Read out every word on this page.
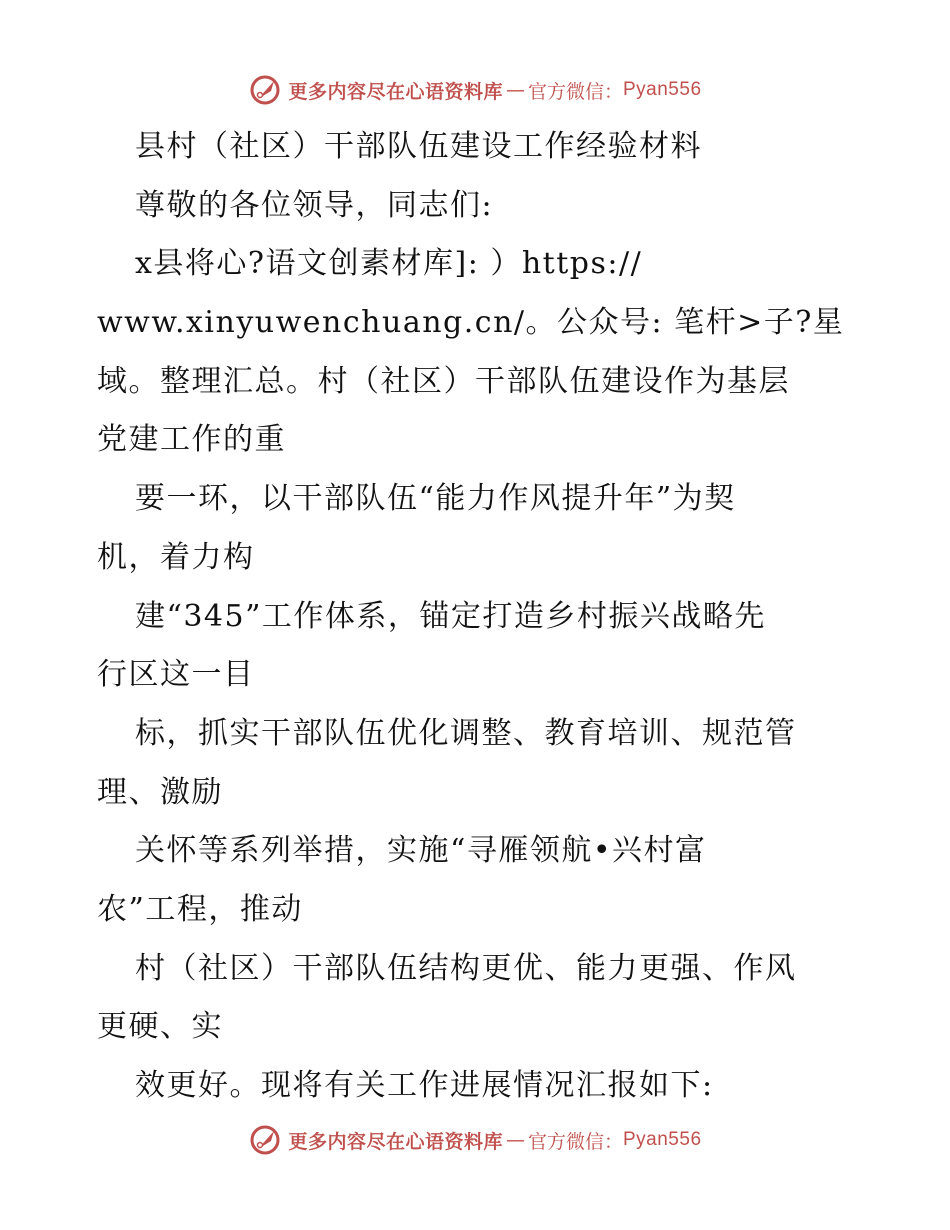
更多内容尽在心语资料库 — 官方微信： Pyan556
县村（社区）干部队伍建设工作经验材料
尊敬的各位领导，同志们:
x县将心?语文创素材库]: ）https://
www.xinyuwenchuang.cn/。公众号: 笔杆>子?星
域。整理汇总。村（社区）干部队伍建设作为基层
党建工作的重
要一环，以干部队伍“能力作风提升年”为契
机，着力构
建“345”工作体系，锚定打造乡村振兴战略先
行区这一目
标，抓实干部队伍优化调整、教育培训、规范管
理、激励
关怀等系列举措，实施“寻雁领航•兴村富
农”工程，推动
村（社区）干部队伍结构更优、能力更强、作风
更硬、实
效更好。现将有关工作进展情况汇报如下:
更多内容尽在心语资料库 — 官方微信： Pyan556
